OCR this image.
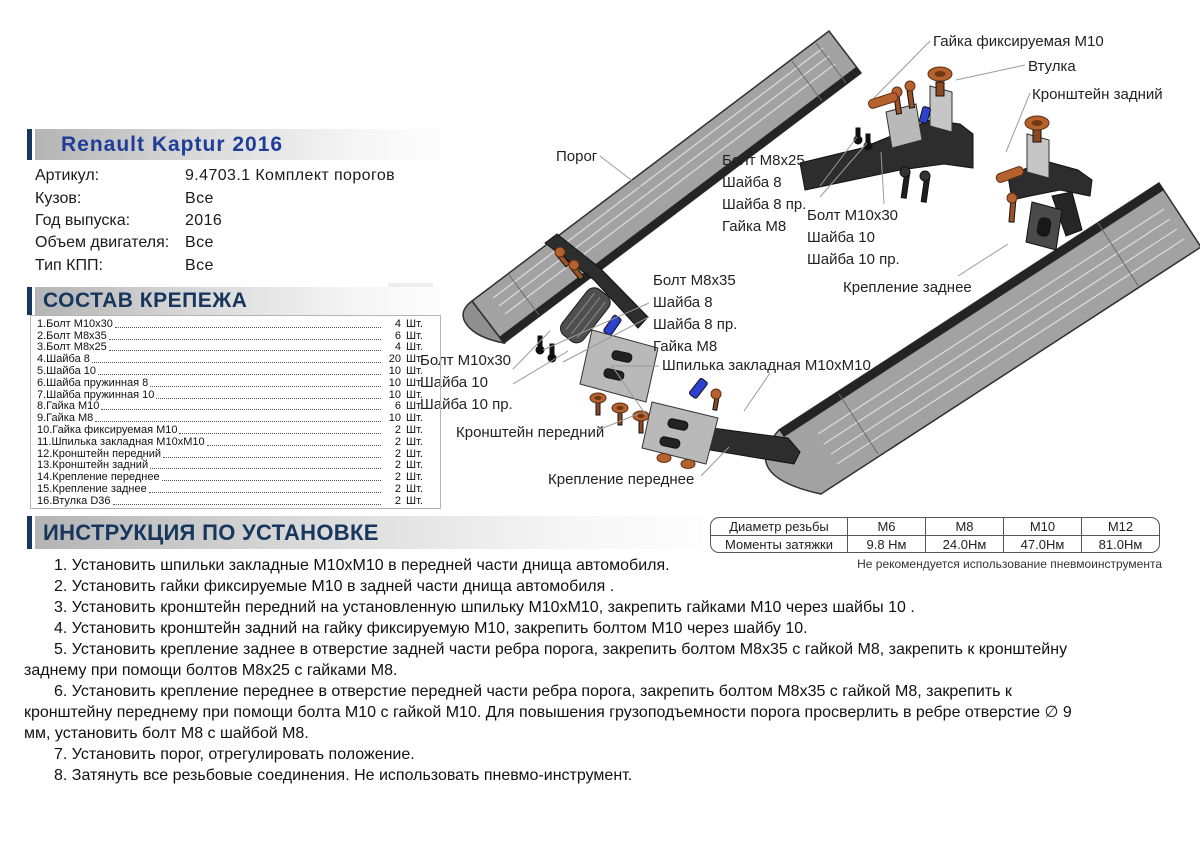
Порог
Гайка фиксируемая М10
Втулка
Кронштейн задний
Болт М8х25
Шайба 8
Шайба 8 пр.
Гайка М8
Болт М10х30
Шайба 10
Шайба 10 пр.
Крепление заднее
Болт М8х35
Шайба 8
Шайба 8 пр.
Гайка М8
Шпилька закладная М10хМ10
Болт М10х30
Шайба 10
Шайба 10 пр.
Кронштейн передний
Крепление переднее
Renault Kaptur 2016
Артикул:	9.4703.1 Комплект порогов
Кузов:	Все
Год выпуска:	2016
Объем двигателя: Все
Тип КПП:	Все
СОСТАВ КРЕПЕЖА
1.Болт М10х30	4 Шт.
2.Болт М8х35	6 Шт.
3.Болт М8х25	4 Шт.
4.Шайба 8	20 Шт.
5.Шайба 10	10 Шт.
6.Шайба пружинная 8	10 Шт.
7.Шайба пружинная 10	10 Шт.
8.Гайка М10	6 Шт.
9.Гайка М8	10 Шт.
10.Гайка фиксируемая М10	2 Шт.
11.Шпилька закладная М10хМ10	2 Шт.
12.Кронштейн передний	2 Шт.
13.Кронштейн задний	2 Шт.
14.Крепление переднее	2 Шт.
15.Крепление заднее	2 Шт.
16.Втулка D36	2 Шт.
ИНСТРУКЦИЯ ПО УСТАНОВКЕ	Диаметр резьбы	М6	М8	М10	М12
Моменты затяжки	9.8 Нм	24.0Нм	47.0Нм	81.0Нм
Не рекомендуется использование пневмоинструмента

1. Установить шпильки закладные М10хМ10 в передней части днища автомобиля.

2. Установить гайки фиксируемые М10 в задней части днища автомобиля .

3. Установить кронштейн передний на установленную шпильку М10хМ10, закрепить гайками М10 через шайбы 10 .

4. Установить кронштейн задний на гайку фиксируемую М10, закрепить болтом М10 через шайбу 10.

5. Установить крепление заднее в отверстие задней части ребра порога, закрепить болтом М8х35 с гайкой М8, закрепить к кронштейну заднему при помощи болтов М8х25 с гайками М8.

6. Установить крепление переднее в отверстие передней части ребра порога, закрепить болтом М8х35 с гайкой М8, закрепить к кронштейну переднему при помощи болта М10 с гайкой М10. Для повышения грузоподъемности порога просверлить в ребре отверстие ∅ 9 мм, установить болт М8 с шайбой М8.

7. Установить порог, отрегулировать положение.

8. Затянуть все резьбовые соединения. Не использовать пневмо-инструмент.
